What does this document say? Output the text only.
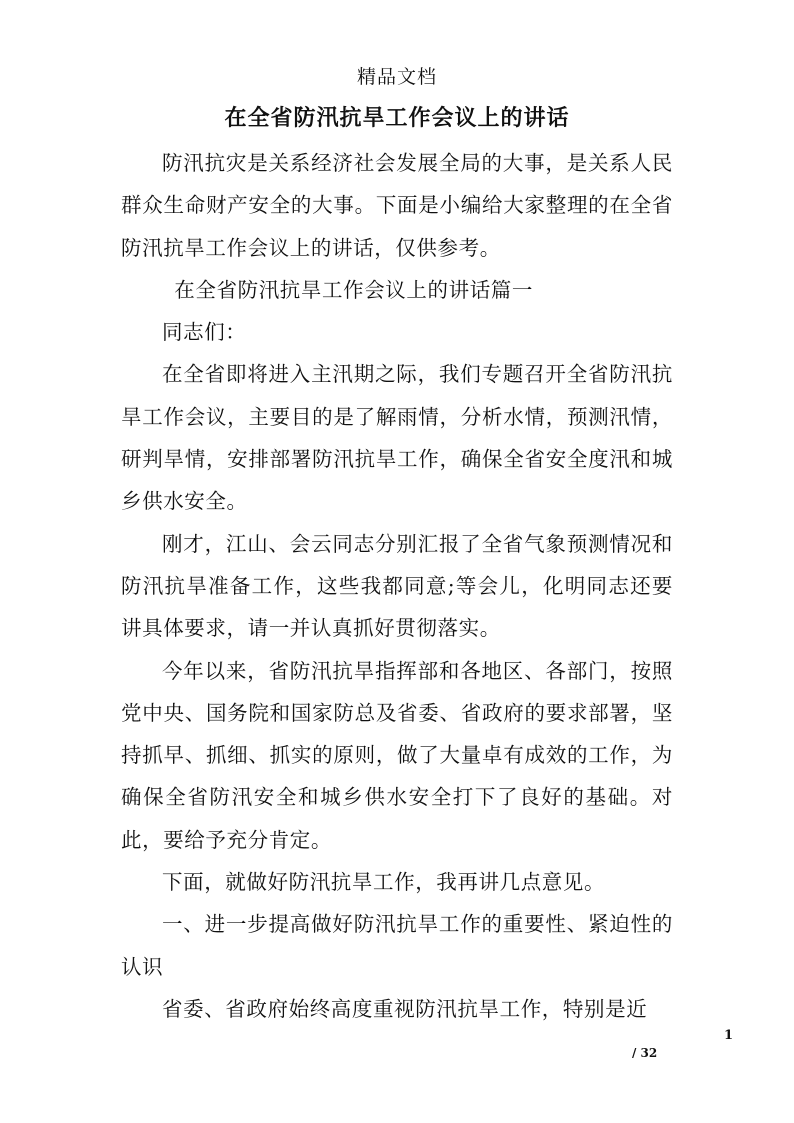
精品文档
在全省防汛抗旱工作会议上的讲话

防汛抗灾是关系经济社会发展全局的大事，是关系人民群众生命财产安全的大事。下面是小编给大家整理的在全省防汛抗旱工作会议上的讲话，仅供参考。

在全省防汛抗旱工作会议上的讲话篇一

同志们：

在全省即将进入主汛期之际，我们专题召开全省防汛抗旱工作会议，主要目的是了解雨情，分析水情，预测汛情，研判旱情，安排部署防汛抗旱工作，确保全省安全度汛和城乡供水安全。

刚才，江山、会云同志分别汇报了全省气象预测情况和防汛抗旱准备工作，这些我都同意;等会儿，化明同志还要讲具体要求，请一并认真抓好贯彻落实。

今年以来，省防汛抗旱指挥部和各地区、各部门，按照党中央、国务院和国家防总及省委、省政府的要求部署，坚持抓早、抓细、抓实的原则，做了大量卓有成效的工作，为确保全省防汛安全和城乡供水安全打下了良好的基础。对此，要给予充分肯定。

下面，就做好防汛抗旱工作，我再讲几点意见。

一、进一步提高做好防汛抗旱工作的重要性、紧迫性的认识

省委、省政府始终高度重视防汛抗旱工作，特别是近

1
/ 32
